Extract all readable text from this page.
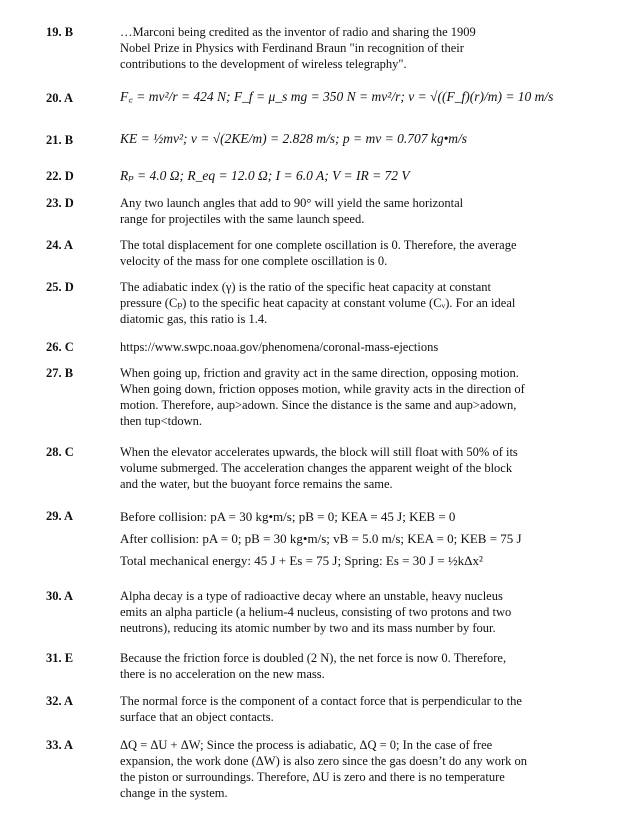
19. B	…Marconi being credited as the inventor of radio and sharing the 1909
Nobel Prize in Physics with Ferdinand Braun "in recognition of their
contributions to the development of wireless telegraphy".
20. A	F꜀ = mv²/r = 424 N; F_f = μ_s mg = 350 N = mv²/r; v = √((F_f)(r)/m) = 10 m/s
21. B	KE = ½mv²; v = √(2KE/m) = 2.828 m/s; p = mv = 0.707 kg•m/s
22. D	Rₚ = 4.0 Ω; R_eq = 12.0 Ω; I = 6.0 A; V = IR = 72 V
23. D	Any two launch angles that add to 90° will yield the same horizontal
range for projectiles with the same launch speed.
24. A	The total displacement for one complete oscillation is 0. Therefore, the average
velocity of the mass for one complete oscillation is 0.
25. D	The adiabatic index (γ) is the ratio of the specific heat capacity at constant
pressure (Cₚ) to the specific heat capacity at constant volume (Cᵥ). For an ideal
diatomic gas, this ratio is 1.4.
26. C	https://www.swpc.noaa.gov/phenomena/coronal-mass-ejections
27. B	When going up, friction and gravity act in the same direction, opposing motion.
When going down, friction opposes motion, while gravity acts in the direction of
motion. Therefore, aup>adown. Since the distance is the same and aup>adown,
then tup<tdown.
28. C	When the elevator accelerates upwards, the block will still float with 50% of its
volume submerged. The acceleration changes the apparent weight of the block
and the water, but the buoyant force remains the same.
29. A	Before collision: pA = 30 kg•m/s; pB = 0; KEA = 45 J; KEB = 0
After collision: pA = 0; pB = 30 kg•m/s; vB = 5.0 m/s; KEA = 0; KEB = 75 J
Total mechanical energy: 45 J + Es = 75 J; Spring: Es = 30 J = ½kΔx²
30. A	Alpha decay is a type of radioactive decay where an unstable, heavy nucleus
emits an alpha particle (a helium-4 nucleus, consisting of two protons and two
neutrons), reducing its atomic number by two and its mass number by four.
31. E	Because the friction force is doubled (2 N), the net force is now 0. Therefore,
there is no acceleration on the new mass.
32. A	The normal force is the component of a contact force that is perpendicular to the
surface that an object contacts.
33. A	ΔQ = ΔU + ΔW; Since the process is adiabatic, ΔQ = 0; In the case of free
expansion, the work done (ΔW) is also zero since the gas doesn’t do any work on
the piston or surroundings. Therefore, ΔU is zero and there is no temperature
change in the system.
